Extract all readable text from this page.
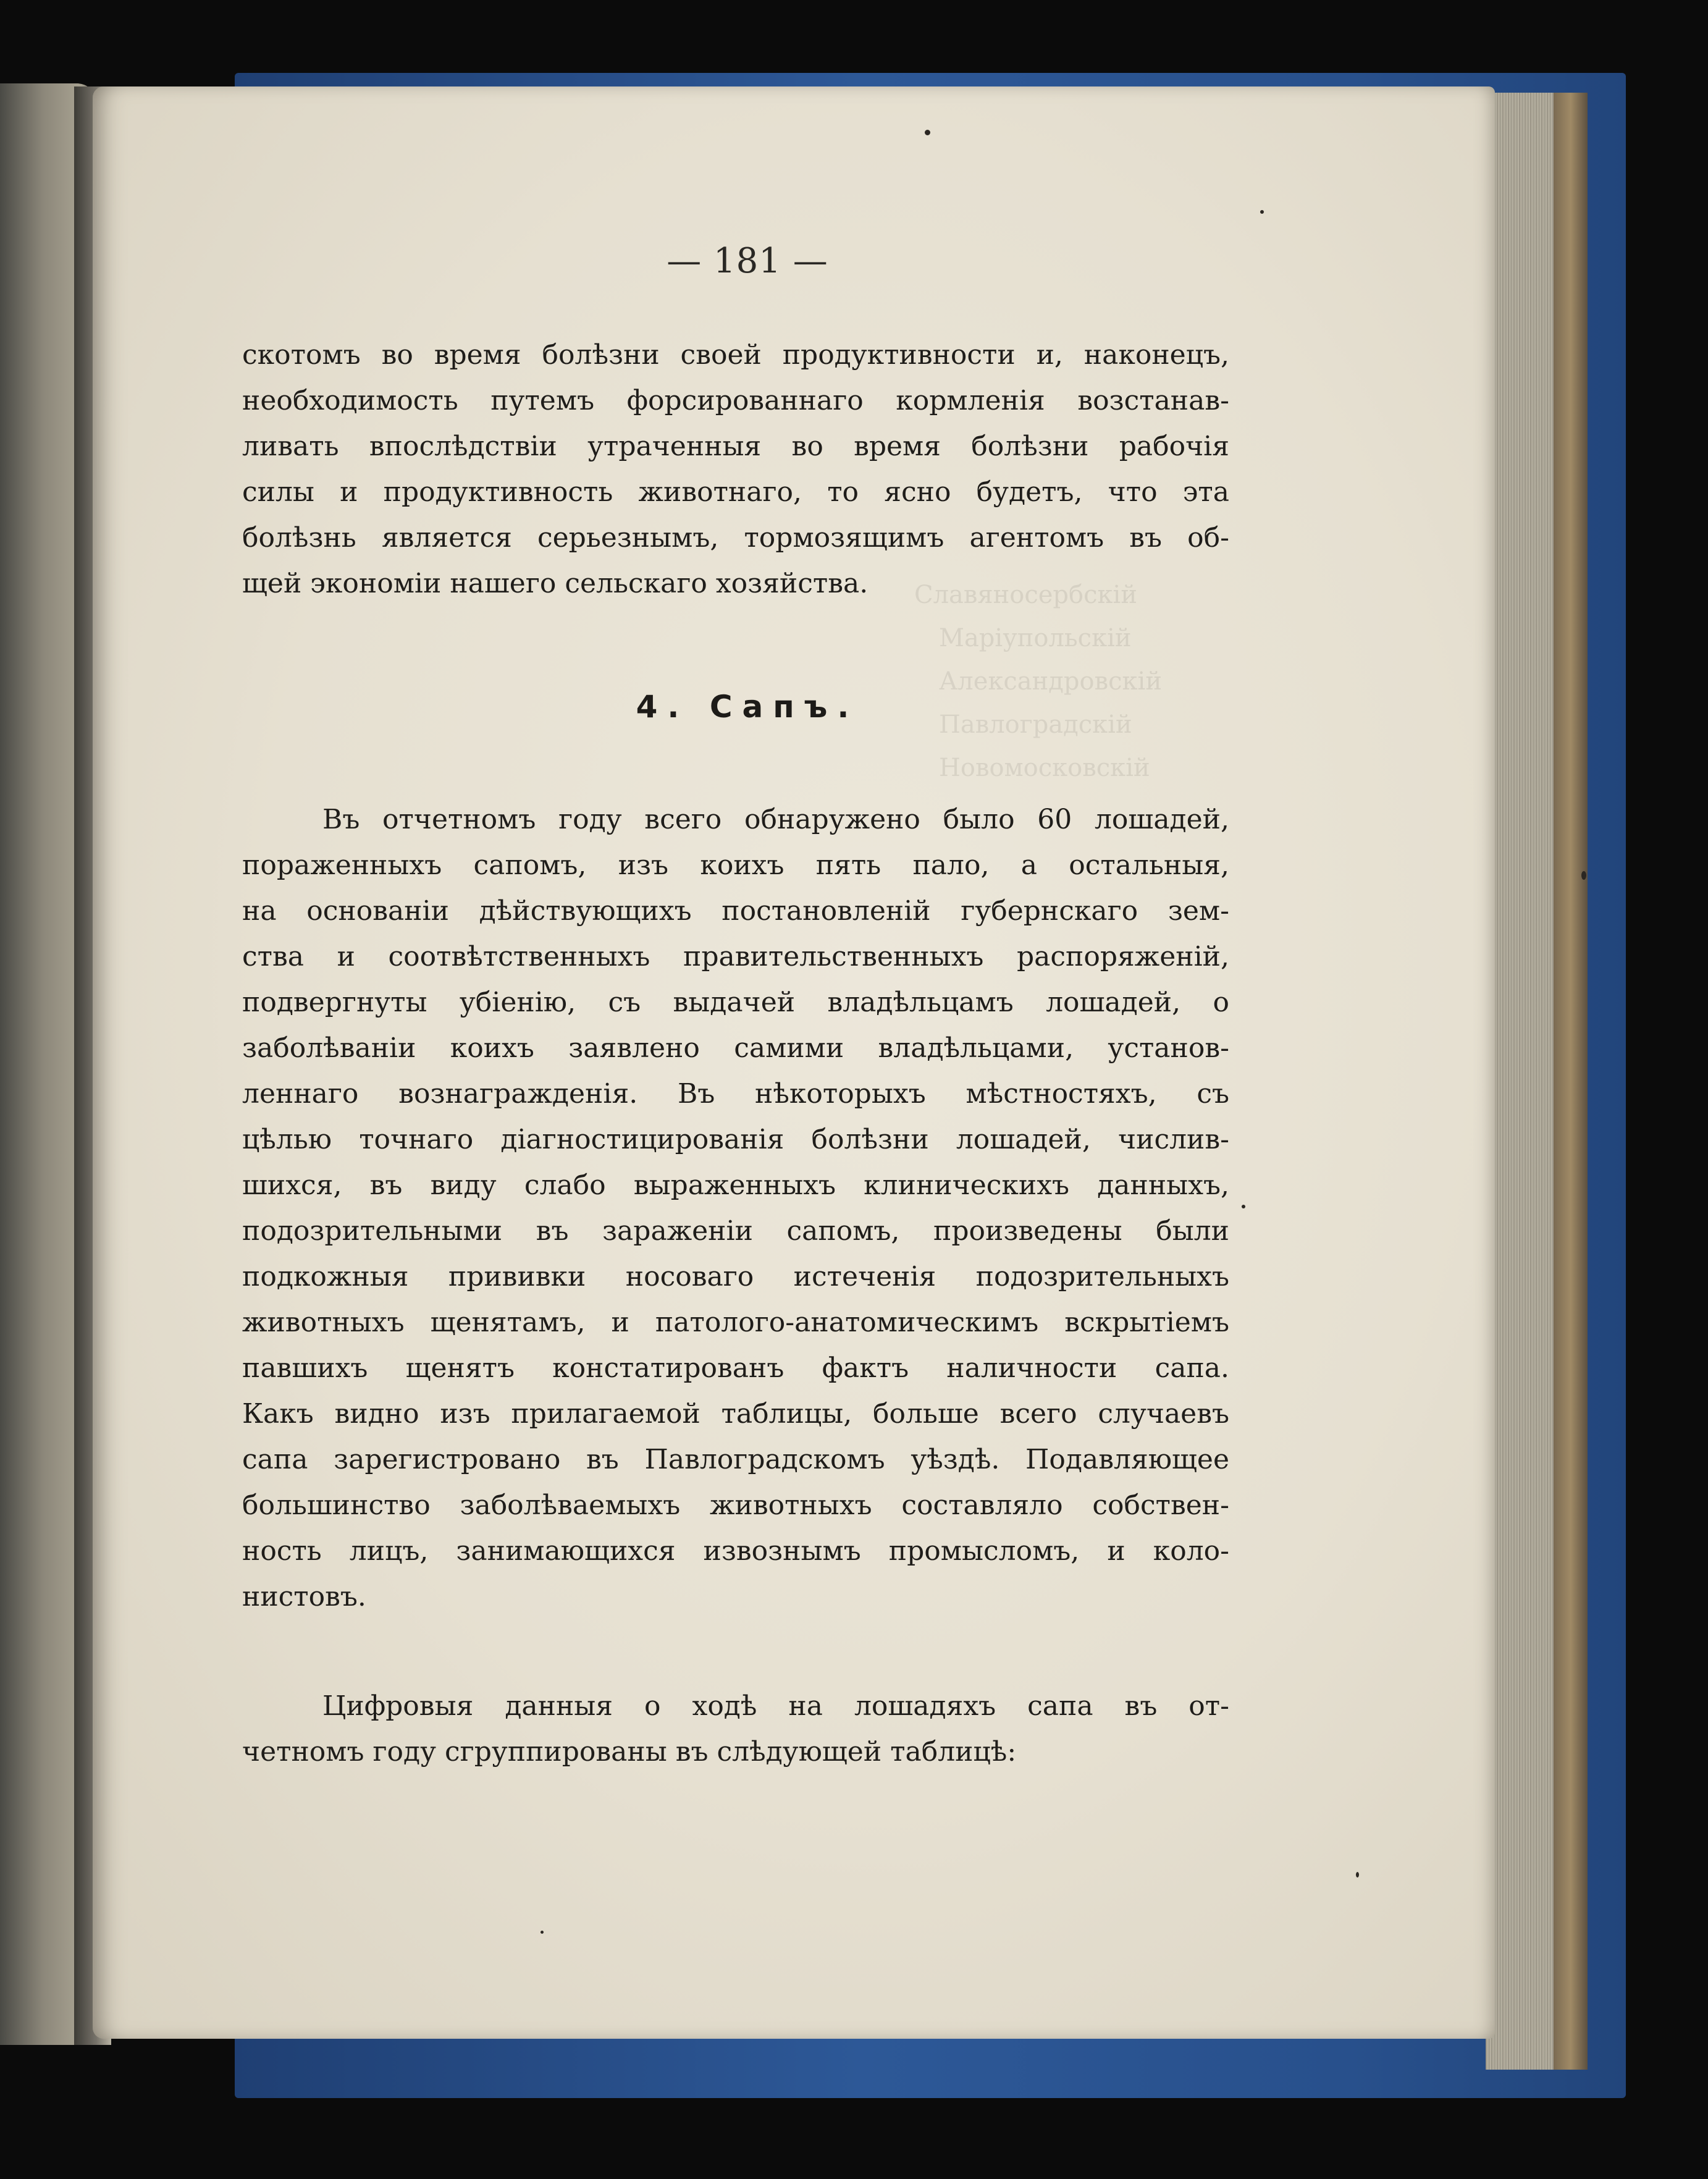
Славяносербскій
Маріупольскій
Александровскій
Павлоградскій
Новомосковскій
— 181 —
скотомъ во время болѣзни своей продуктивности и, наконецъ,
необходимость путемъ форсированнаго кормленія возстанав-
ливать впослѣдствіи утраченныя во время болѣзни рабочія
силы и продуктивность животнаго, то ясно будетъ, что эта
болѣзнь является серьезнымъ, тормозящимъ агентомъ въ об-
щей экономіи нашего сельскаго хозяйства.
4. Сапъ.
Въ отчетномъ году всего обнаружено было 60 лошадей,
пораженныхъ сапомъ, изъ коихъ пять пало, а остальныя,
на основаніи дѣйствующихъ постановленій губернскаго зем-
ства и соотвѣтственныхъ правительственныхъ распоряженій,
подвергнуты убіенію, съ выдачей владѣльцамъ лошадей, о
заболѣваніи коихъ заявлено самими владѣльцами, установ-
леннаго вознагражденія. Въ нѣкоторыхъ мѣстностяхъ, съ
цѣлью точнаго діагностицированія болѣзни лошадей, числив-
шихся, въ виду слабо выраженныхъ клиническихъ данныхъ,
подозрительными въ зараженіи сапомъ, произведены были
подкожныя прививки носоваго истеченія подозрительныхъ
животныхъ щенятамъ, и патолого-анатомическимъ вскрытіемъ
павшихъ щенятъ констатированъ фактъ наличности сапа.
Какъ видно изъ прилагаемой таблицы, больше всего случаевъ
сапа зарегистровано въ Павлоградскомъ уѣздѣ. Подавляющее
большинство заболѣваемыхъ животныхъ составляло собствен-
ность лицъ, занимающихся извознымъ промысломъ, и коло-
нистовъ.
Цифровыя данныя о ходѣ на лошадяхъ сапа въ от-
четномъ году сгруппированы въ слѣдующей таблицѣ:
